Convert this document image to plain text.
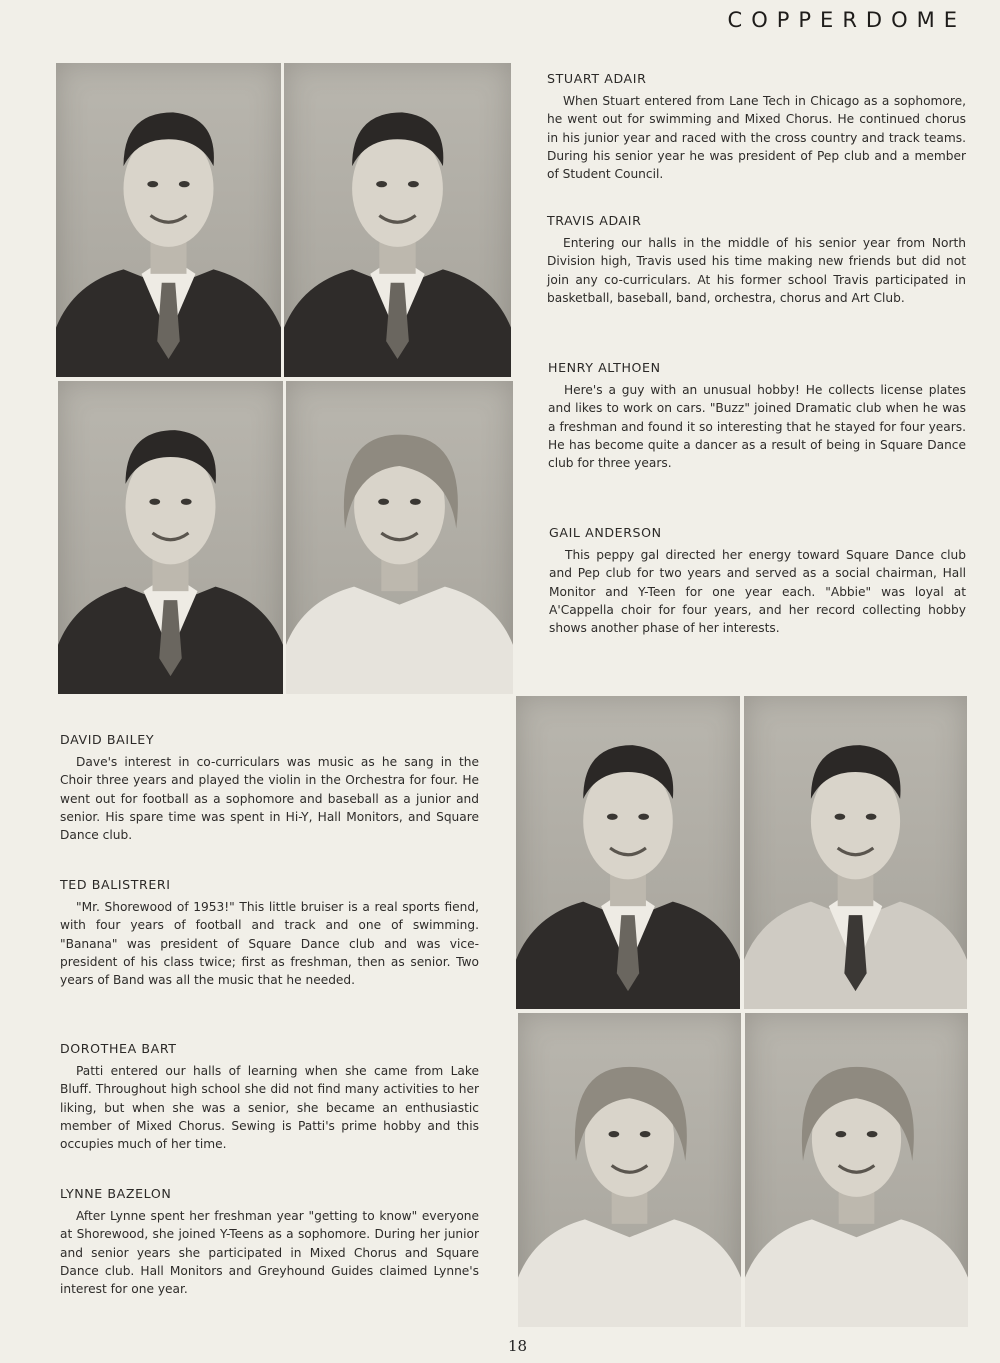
COPPERDOME

STUART ADAIR

When Stuart entered from Lane Tech in Chicago as a sophomore, he went out for swimming and Mixed Chorus. He continued chorus in his junior year and raced with the cross country and track teams. During his senior year he was president of Pep club and a member of Student Council.

TRAVIS ADAIR

Entering our halls in the middle of his senior year from North Division high, Travis used his time making new friends but did not join any co-curriculars. At his former school Travis participated in basketball, baseball, band, orchestra, chorus and Art Club.

HENRY ALTHOEN

Here's a guy with an unusual hobby! He collects license plates and likes to work on cars. "Buzz" joined Dramatic club when he was a freshman and found it so interesting that he stayed for four years. He has become quite a dancer as a result of being in Square Dance club for three years.

GAIL ANDERSON

This peppy gal directed her energy toward Square Dance club and Pep club for two years and served as a social chairman, Hall Monitor and Y-Teen for one year each. "Abbie" was loyal at A'Cappella choir for four years, and her record collecting hobby shows another phase of her interests.

DAVID BAILEY

Dave's interest in co-curriculars was music as he sang in the Choir three years and played the violin in the Orchestra for four. He went out for football as a sophomore and baseball as a junior and senior. His spare time was spent in Hi-Y, Hall Monitors, and Square Dance club.

TED BALISTRERI

"Mr. Shorewood of 1953!" This little bruiser is a real sports fiend, with four years of football and track and one of swimming. "Banana" was president of Square Dance club and was vice-president of his class twice; first as freshman, then as senior. Two years of Band was all the music that he needed.

DOROTHEA BART

Patti entered our halls of learning when she came from Lake Bluff. Throughout high school she did not find many activities to her liking, but when she was a senior, she became an enthusiastic member of Mixed Chorus. Sewing is Patti's prime hobby and this occupies much of her time.

LYNNE BAZELON

After Lynne spent her freshman year "getting to know" everyone at Shorewood, she joined Y-Teens as a sophomore. During her junior and senior years she participated in Mixed Chorus and Square Dance club. Hall Monitors and Greyhound Guides claimed Lynne's interest for one year.

18
